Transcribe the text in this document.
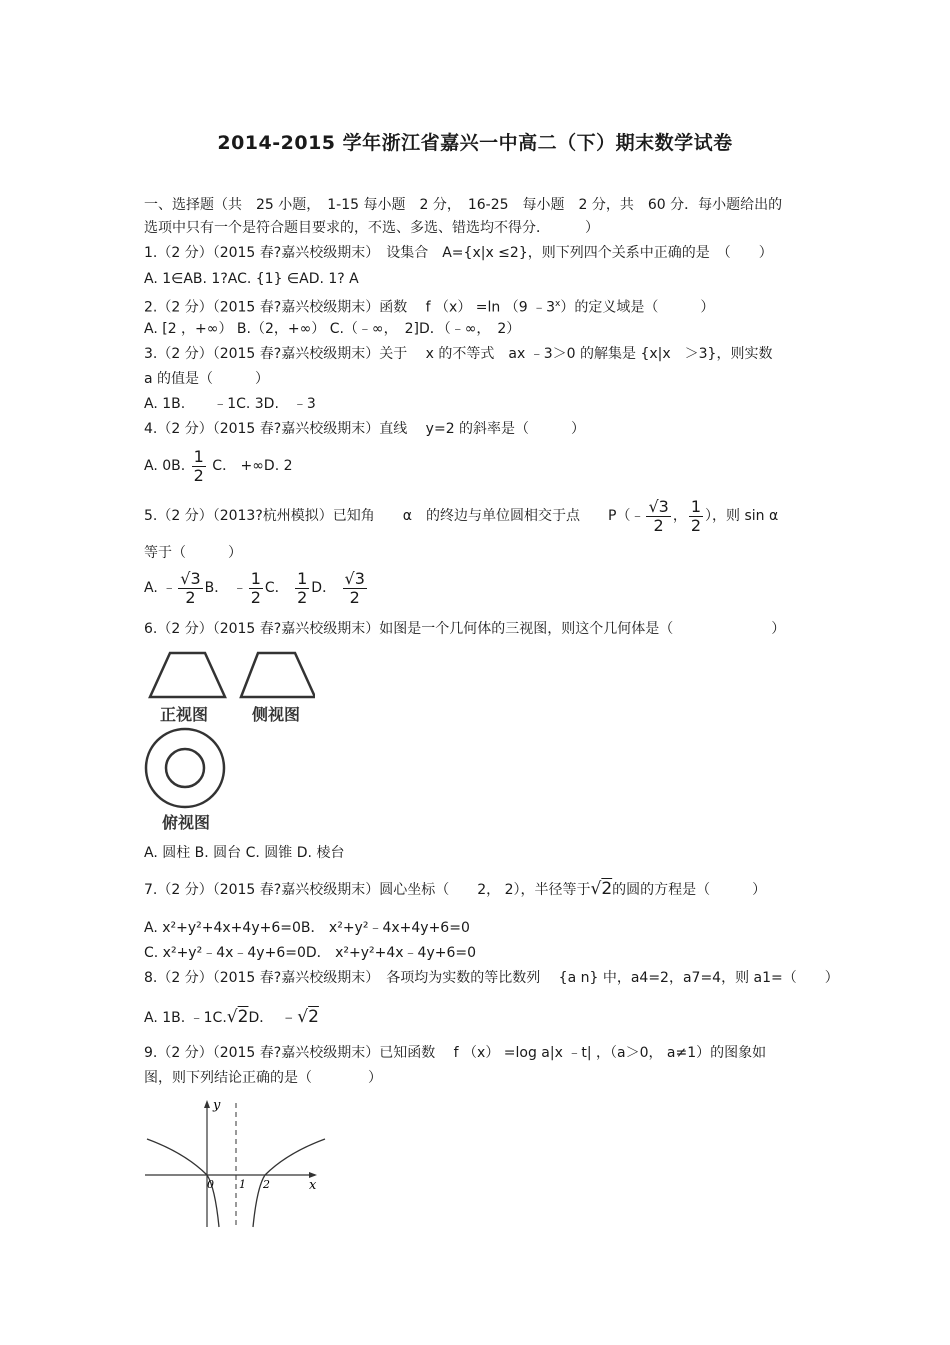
2014-2015 学年浙江省嘉兴一中高二（下）期末数学试卷
一、选择题（共　25 小题，　1-15 每小题　2 分，　16-25　每小题　2 分，共　60 分．每小题给出的
选项中只有一个是符合题目要求的，不选、多选、错选均不得分．　　　）
1.（2 分）（2015 春?嘉兴校级期末）　设集合　A={x|x ≤2}，则下列四个关系中正确的是　（　　）
A. 1∈AB. 1?AC. {1} ∈AD. 1? A
2.（2 分）（2015 春?嘉兴校级期末）函数　 f （x） =ln （9 ﹣3$^x$）的定义域是（　　　）
A. [2 ，+∞） B.（2，+∞） C.（﹣∞，　2]D．（﹣∞，　2）
3.（2 分）（2015 春?嘉兴校级期末）关于　 x 的不等式　ax ﹣3＞0 的解集是 {x|x　＞3}，则实数
a 的值是（　　　）
A. 1B.　　﹣1C. 3D.　﹣3
4.（2 分）（2015 春?嘉兴校级期末）直线　 y=2 的斜率是（　　　）
A. 0B. $\frac{1}{2}$ C． +∞D. 2
5.（2 分）（2013?杭州模拟）已知角　　α　的终边与单位圆相交于点　　P（﹣ $\frac{√3}{2}$ ， $\frac{1}{2}$ ），则 sin α
等于（　　　）
A. ﹣ $\frac{√3}{2}$ B． ﹣ $\frac{1}{2}$ C． $\frac{1}{2}$ D． $\frac{√3}{2}$
6.（2 分）（2015 春?嘉兴校级期末）如图是一个几何体的三视图，则这个几何体是（　　　　　　　）
正视图	侧视图
俯视图
A. 圆柱 B. 圆台 C. 圆锥 D. 棱台
7.（2 分）（2015 春?嘉兴校级期末）圆心坐标（　　2， 2），半径等于√2的圆的方程是（　　　）
A. x²+y²+4x+4y+6=0B． x²+y²﹣4x+4y+6=0
C. x²+y²﹣4x﹣4y+6=0D． x²+y²+4x﹣4y+6=0
8.（2 分）（2015 春?嘉兴校级期末）　各项均为实数的等比数列　 {a n} 中，a4=2，a7=4，则 a1=（　　）
A. 1B. ﹣1C.√2D．　 ﹣√2
9.（2 分）（2015 春?嘉兴校级期末）已知函数　 f （x） =log a|x ﹣t| ，（a＞0， a≠1）的图象如
图，则下列结论正确的是（　　　　）
y
x
0 1 2
